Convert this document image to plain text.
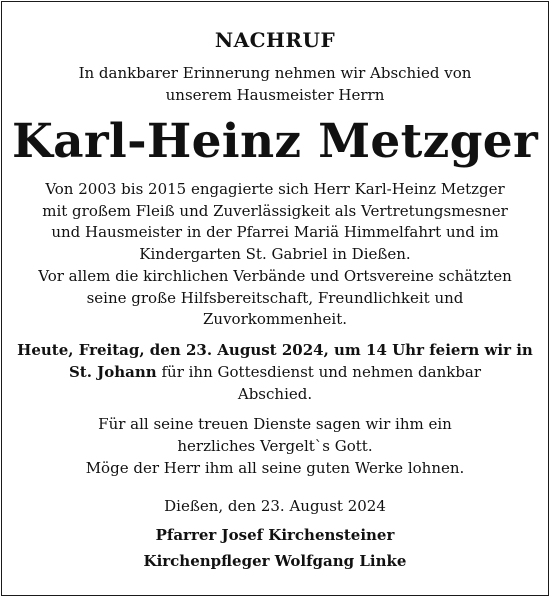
NACHRUF
In dankbarer Erinnerung nehmen wir Abschied von
unserem Hausmeister Herrn
Karl-Heinz Metzger
Von 2003 bis 2015 engagierte sich Herr Karl-Heinz Metzger
mit großem Fleiß und Zuverlässigkeit als Vertretungsmesner
und Hausmeister in der Pfarrei Mariä Himmelfahrt und im
Kindergarten St. Gabriel in Dießen.
Vor allem die kirchlichen Verbände und Ortsvereine schätzten
seine große Hilfsbereitschaft, Freundlichkeit und
Zuvorkommenheit.
Heute, Freitag, den 23. August 2024, um 14 Uhr feiern wir in
St. Johann für ihn Gottesdienst und nehmen dankbar
Abschied.
Für all seine treuen Dienste sagen wir ihm ein
herzliches Vergelt`s Gott.
Möge der Herr ihm all seine guten Werke lohnen.
Dießen, den 23. August 2024
Pfarrer Josef Kirchensteiner
Kirchenpfleger Wolfgang Linke
